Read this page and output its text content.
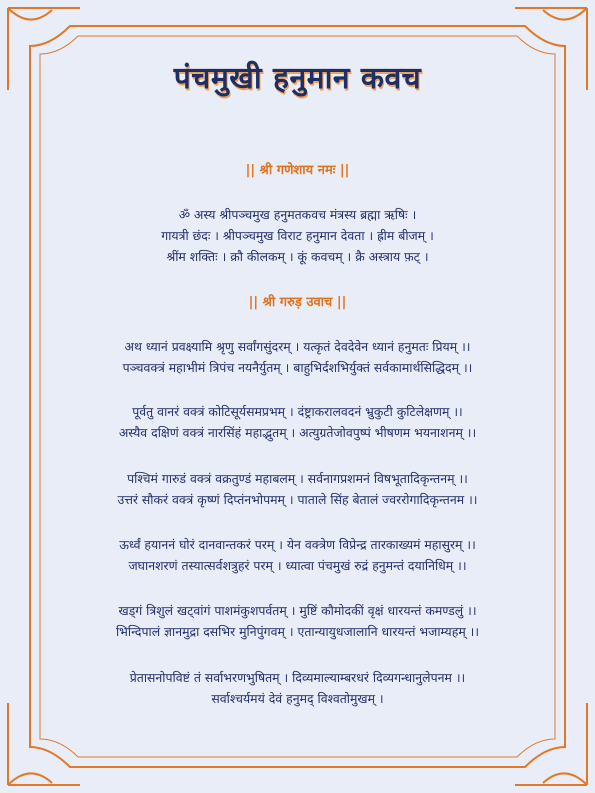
पंचमुखी हनुमान कवच
|| श्री गणेशाय नमः ||
ॐ अस्य श्रीपञ्चमुख हनुमतकवच मंत्रस्य ब्रह्मा ऋषिः ।
गायत्री छंदः । श्रीपञ्चमुख विराट हनुमान देवता । ह्रीम बीजम् ।
श्रींम शक्तिः । क्रौ कीलकम् । कूं कवचम् । क्रै अस्त्राय फ़ट् ।
|| श्री गरुड़ उवाच ||
अथ ध्यानं प्रवक्ष्यामि श्रृणु सर्वांगसुंदरम् । यत्कृतं देवदेवेन ध्यानं हनुमतः प्रियम् ।।
पञ्चवक्त्रं महाभीमं त्रिपंच नयनैर्युतम् । बाहुभिर्दशभिर्युक्तं सर्वकामार्थसिद्धिदम् ।।
पूर्वतु वानरं वक्त्रं कोटिसूर्यसमप्रभम् । दंष्ट्राकरालवदनं भ्रुकुटी कुटिलेक्षणम् ।।
अस्यैव दक्षिणं वक्त्रं नारसिंहं महाद्भुतम् । अत्युग्रतेजोवपुष्पं भीषणम भयनाशनम् ।।
पश्चिमं गारुडं वक्त्रं वक्रतुण्डं महाबलम् । सर्वनागप्रशमनं विषभूतादिकृन्तनम् ।।
उत्तरं सौकरं वक्त्रं कृष्णं दिप्तंनभोपमम् । पाताले सिंह बेतालं ज्वररोगादिकृन्तनम ।।
ऊर्ध्वं हयाननं घोरं दानवान्तकरं परम् । येन वक्त्रेण विप्रेन्द्र तारकाख्यमं महासुरम् ।।
जघानशरणं तस्यात्सर्वशत्रुहरं परम् । ध्यात्वा पंचमुखं रुद्रं हनुमन्तं दयानिधिम् ।।
खड्गं त्रिशुलं खट्वांगं पाशमंकुशपर्वतम् । मुष्टिं कौमोदकीं वृक्षं धारयन्तं कमण्डलुं ।।
भिन्दिपालं ज्ञानमुद्रा दसभिर मुनिपुंगवम् । एतान्यायुधजालानि धारयन्तं भजाम्यहम् ।।
प्रेतासनोपविष्टं तं सर्वाभरणभुषितम् । दिव्यमाल्याम्बरधरं दिव्यगन्धानुलेपनम ।।
सर्वाश्चर्यमयं देवं हनुमद् विश्वतोमुखम् ।
